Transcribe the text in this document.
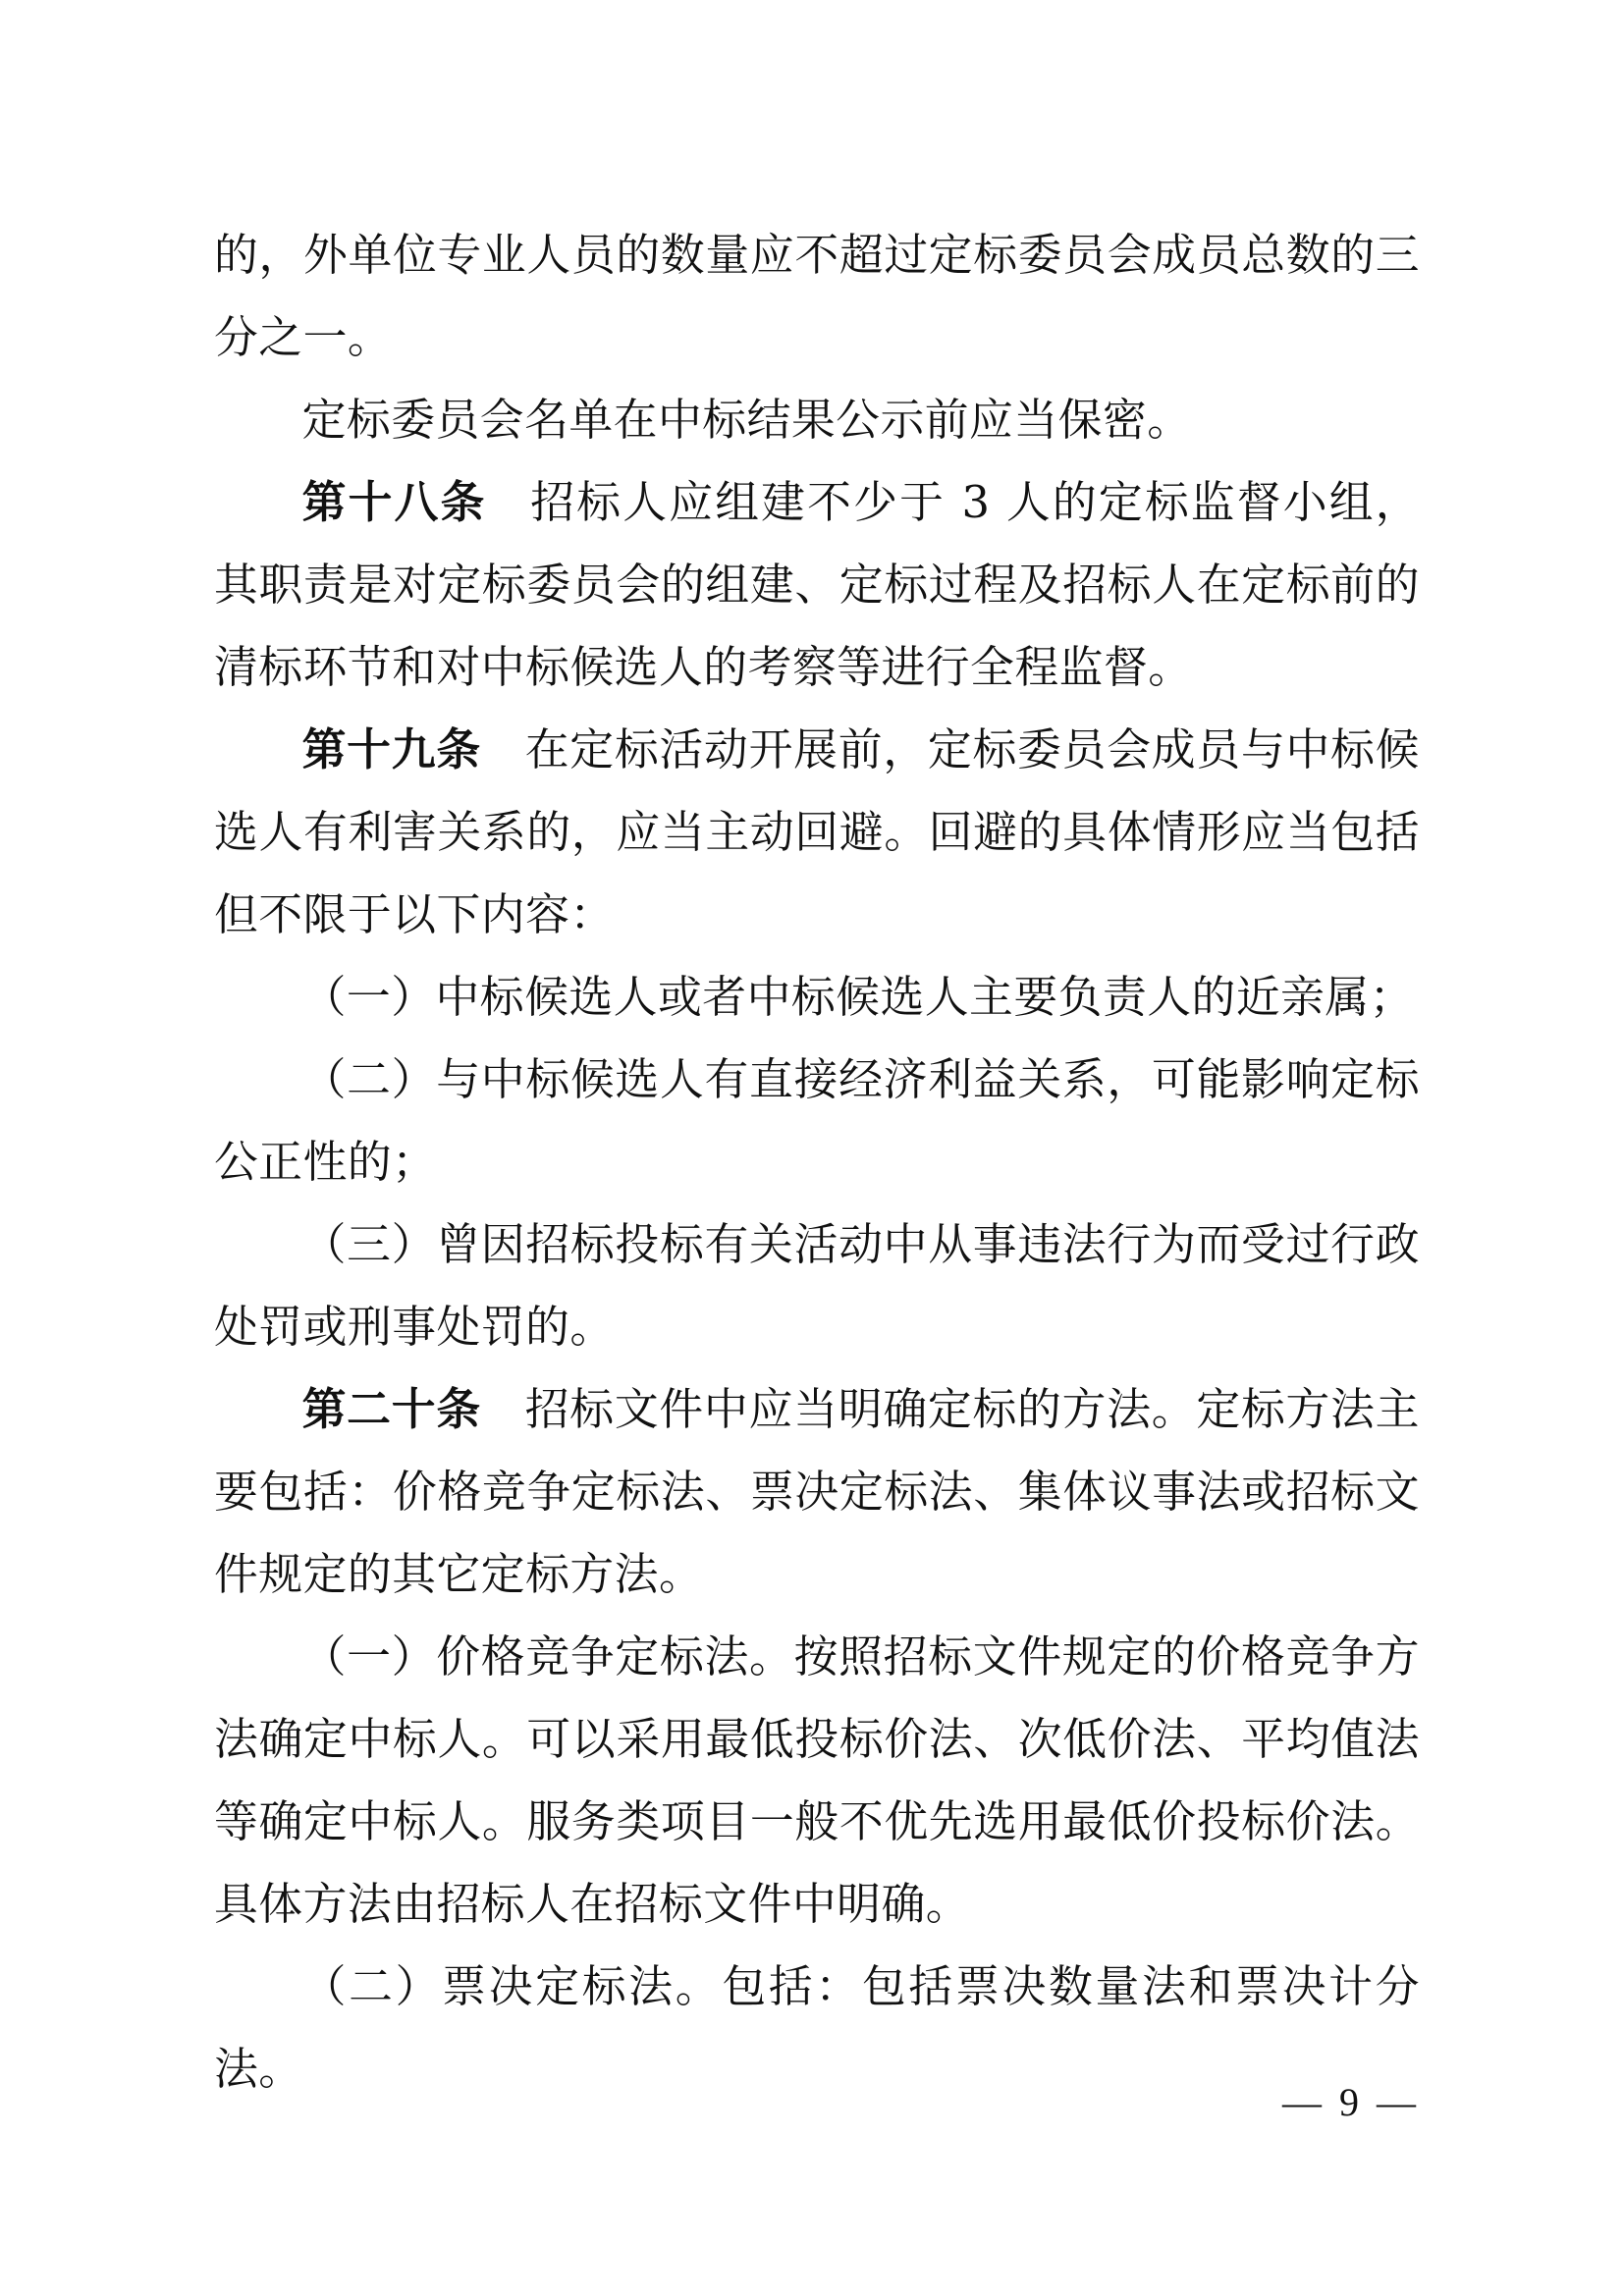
的，外单位专业人员的数量应不超过定标委员会成员总数的三分之一。

定标委员会名单在中标结果公示前应当保密。

第十八条 招标人应组建不少于 3 人的定标监督小组，其职责是对定标委员会的组建、定标过程及招标人在定标前的清标环节和对中标候选人的考察等进行全程监督。

第十九条 在定标活动开展前，定标委员会成员与中标候选人有利害关系的，应当主动回避。回避的具体情形应当包括但不限于以下内容：

（一）中标候选人或者中标候选人主要负责人的近亲属；

（二）与中标候选人有直接经济利益关系，可能影响定标公正性的；

（三）曾因招标投标有关活动中从事违法行为而受过行政处罚或刑事处罚的。

第二十条 招标文件中应当明确定标的方法。定标方法主要包括：价格竞争定标法、票决定标法、集体议事法或招标文件规定的其它定标方法。

（一）价格竞争定标法。按照招标文件规定的价格竞争方法确定中标人。可以采用最低投标价法、次低价法、平均值法等确定中标人。服务类项目一般不优先选用最低价投标价法。具体方法由招标人在招标文件中明确。

（二）票决定标法。包括：包括票决数量法和票决计分法。

— 9 —
